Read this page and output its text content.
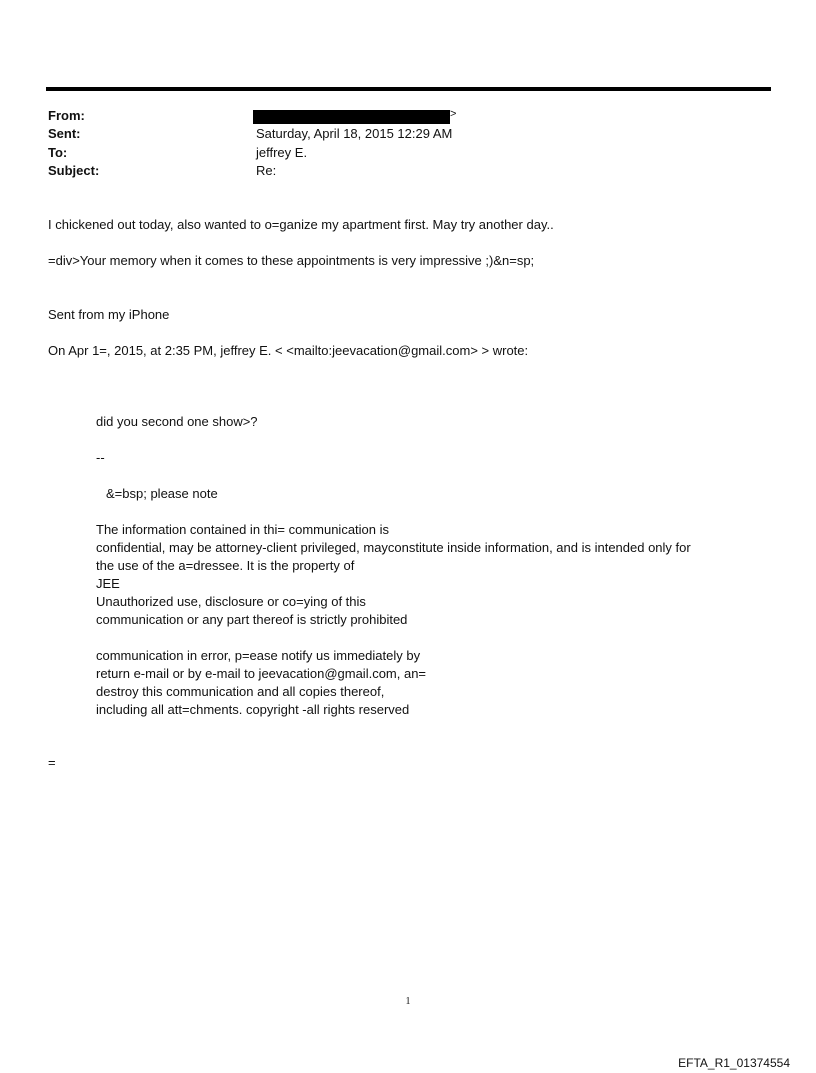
From:	>
Sent:	Saturday, April 18, 2015 12:29 AM
To:	jeffrey E.
Subject:	Re:
I chickened out today, also wanted to o=ganize my apartment first. May try another day..
=div>Your memory when it comes to these appointments is very impressive ;)&n=sp;
Sent from my iPhone
On Apr 1=, 2015, at 2:35 PM, jeffrey E. < <mailto:jeevacation@gmail.com> > wrote:
did you second one show>?
--
&=bsp; please note
The information contained in thi= communication is
confidential, may be attorney-client privileged, mayconstitute inside information, and is intended only for
the use of the a=dressee. It is the property of
JEE
Unauthorized use, disclosure or co=ying of this
communication or any part thereof is strictly prohibited
communication in error, p=ease notify us immediately by
return e-mail or by e-mail to jeevacation@gmail.com, an=
destroy this communication and all copies thereof,
including all att=chments. copyright -all rights reserved
=
1
EFTA_R1_01374554
